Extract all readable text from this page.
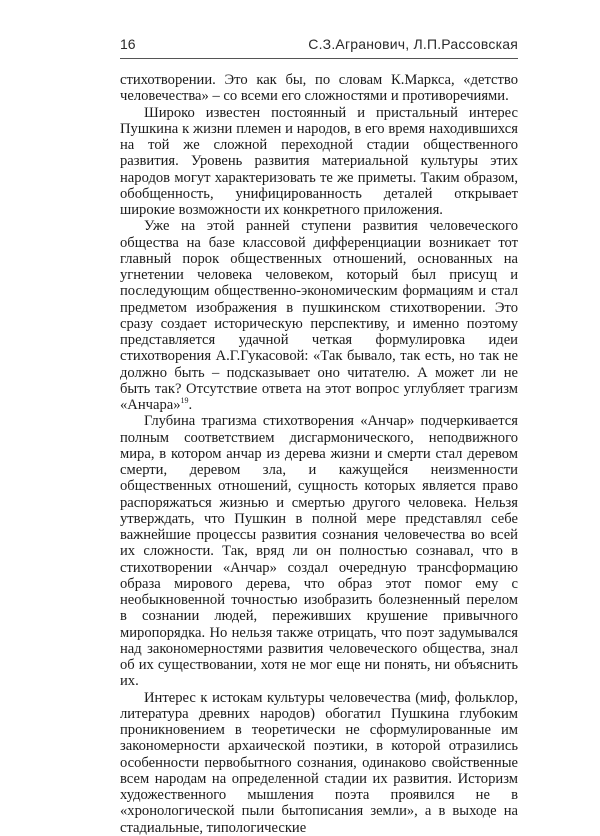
16	С.З.Агранович, Л.П.Рассовская

стихотворении. Это как бы, по словам К.Маркса, «детство человечества» – со всеми его сложностями и противоречиями.

Широко известен постоянный и пристальный интерес Пушкина к жизни племен и народов, в его время находившихся на той же сложной переходной стадии общественного развития. Уровень развития материальной культуры этих народов могут характеризовать те же приметы. Таким образом, обобщенность, унифицированность деталей открывает широкие возможности их конкретного приложения.

Уже на этой ранней ступени развития человеческого общества на базе классовой дифференциации возникает тот главный порок общественных отношений, основанных на угнетении человека человеком, который был присущ и последующим общественно-экономическим формациям и стал предметом изображения в пушкинском стихотворении. Это сразу создает историческую перспективу, и именно поэтому представляется удачной четкая формулировка идеи стихотворения А.Г.Гукасовой: «Так бывало, так есть, но так не должно быть – подсказывает оно читателю. А может ли не быть так? Отсутствие ответа на этот вопрос углубляет трагизм «Анчара»$^{19}$.

Глубина трагизма стихотворения «Анчар» подчеркивается полным соответствием дисгармонического, неподвижного мира, в котором анчар из дерева жизни и смерти стал деревом смерти, деревом зла, и кажущейся неизменности общественных отношений, сущность которых является право распоряжаться жизнью и смертью другого человека. Нельзя утверждать, что Пушкин в полной мере представлял себе важнейшие процессы развития сознания человечества во всей их сложности. Так, вряд ли он полностью сознавал, что в стихотворении «Анчар» создал очередную трансформацию образа мирового дерева, что образ этот помог ему с необыкновенной точностью изобразить болезненный перелом в сознании людей, переживших крушение привычного миропорядка. Но нельзя также отрицать, что поэт задумывался над закономерностями развития человеческого общества, знал об их существовании, хотя не мог еще ни понять, ни объяснить их.

Интерес к истокам культуры человечества (миф, фольклор, литература древних народов) обогатил Пушкина глубоким проникновением в теоретически не сформулированные им закономерности архаической поэтики, в которой отразились особенности первобытного сознания, одинаково свойственные всем народам на определенной стадии их развития. Историзм художественного мышления поэта проявился не в «хронологической пыли бытописания земли», а в выходе на стадиальные, типологические
